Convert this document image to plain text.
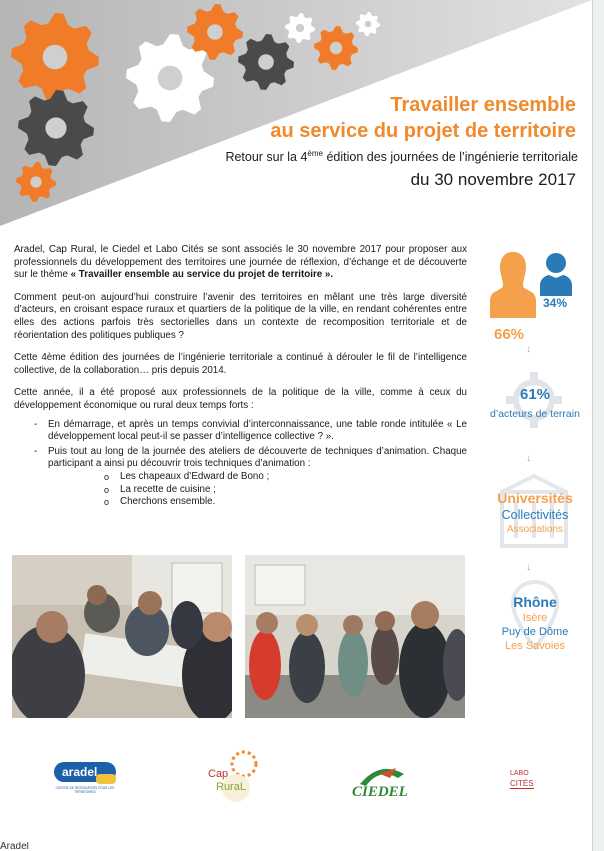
Travailler ensemble
au service du projet de territoire
Retour sur la 4ème édition des journées de l’ingénierie territoriale
du 30 novembre 2017

Aradel, Cap Rural, le Ciedel et Labo Cités se sont associés le 30 novembre 2017 pour proposer aux professionnels du développement des territoires une journée de réflexion, d’échange et de découverte sur le thème « Travailler ensemble au service du projet de territoire ».

Comment peut-on aujourd’hui construire l’avenir des territoires en mêlant une très large diversité d’acteurs, en croisant espace ruraux et quartiers de la politique de la ville, en rendant cohérentes entre elles des actions parfois très sectorielles dans un contexte de recomposition territoriale et de réorientation des politiques publiques ?

Cette 4ème édition des journées de l’ingénierie territoriale a continué à dérouler le fil de l’intelligence collective, de la collaboration… pris depuis 2014.

Cette année, il a été proposé aux professionnels de la politique de la ville, comme à ceux du développement économique ou rural deux temps forts :

- En démarrage, et après un temps convivial d’interconnaissance, une table ronde intitulée « Le développement local peut-il se passer d’intelligence collective ? ».
- Puis tout au long de la journée des ateliers de découverte de techniques d’animation. Chaque participant a ainsi pu découvrir trois techniques d’animation :
o Les chapeaux d’Edward de Bono ;
o La recette de cuisine ;
o Cherchons ensemble.
34%
66%
↓
61%
d’acteurs de terrain
↓
Universités
Collectivités
Associations
↓
Rhône
Isère
Puy de Dôme
Les Savoies
aradel
CENTRE DE RESSOURCES POUR LES TERRITOIRES
Cap
RuraL	CIEDEL
LABO
CITÉS
Aradel
